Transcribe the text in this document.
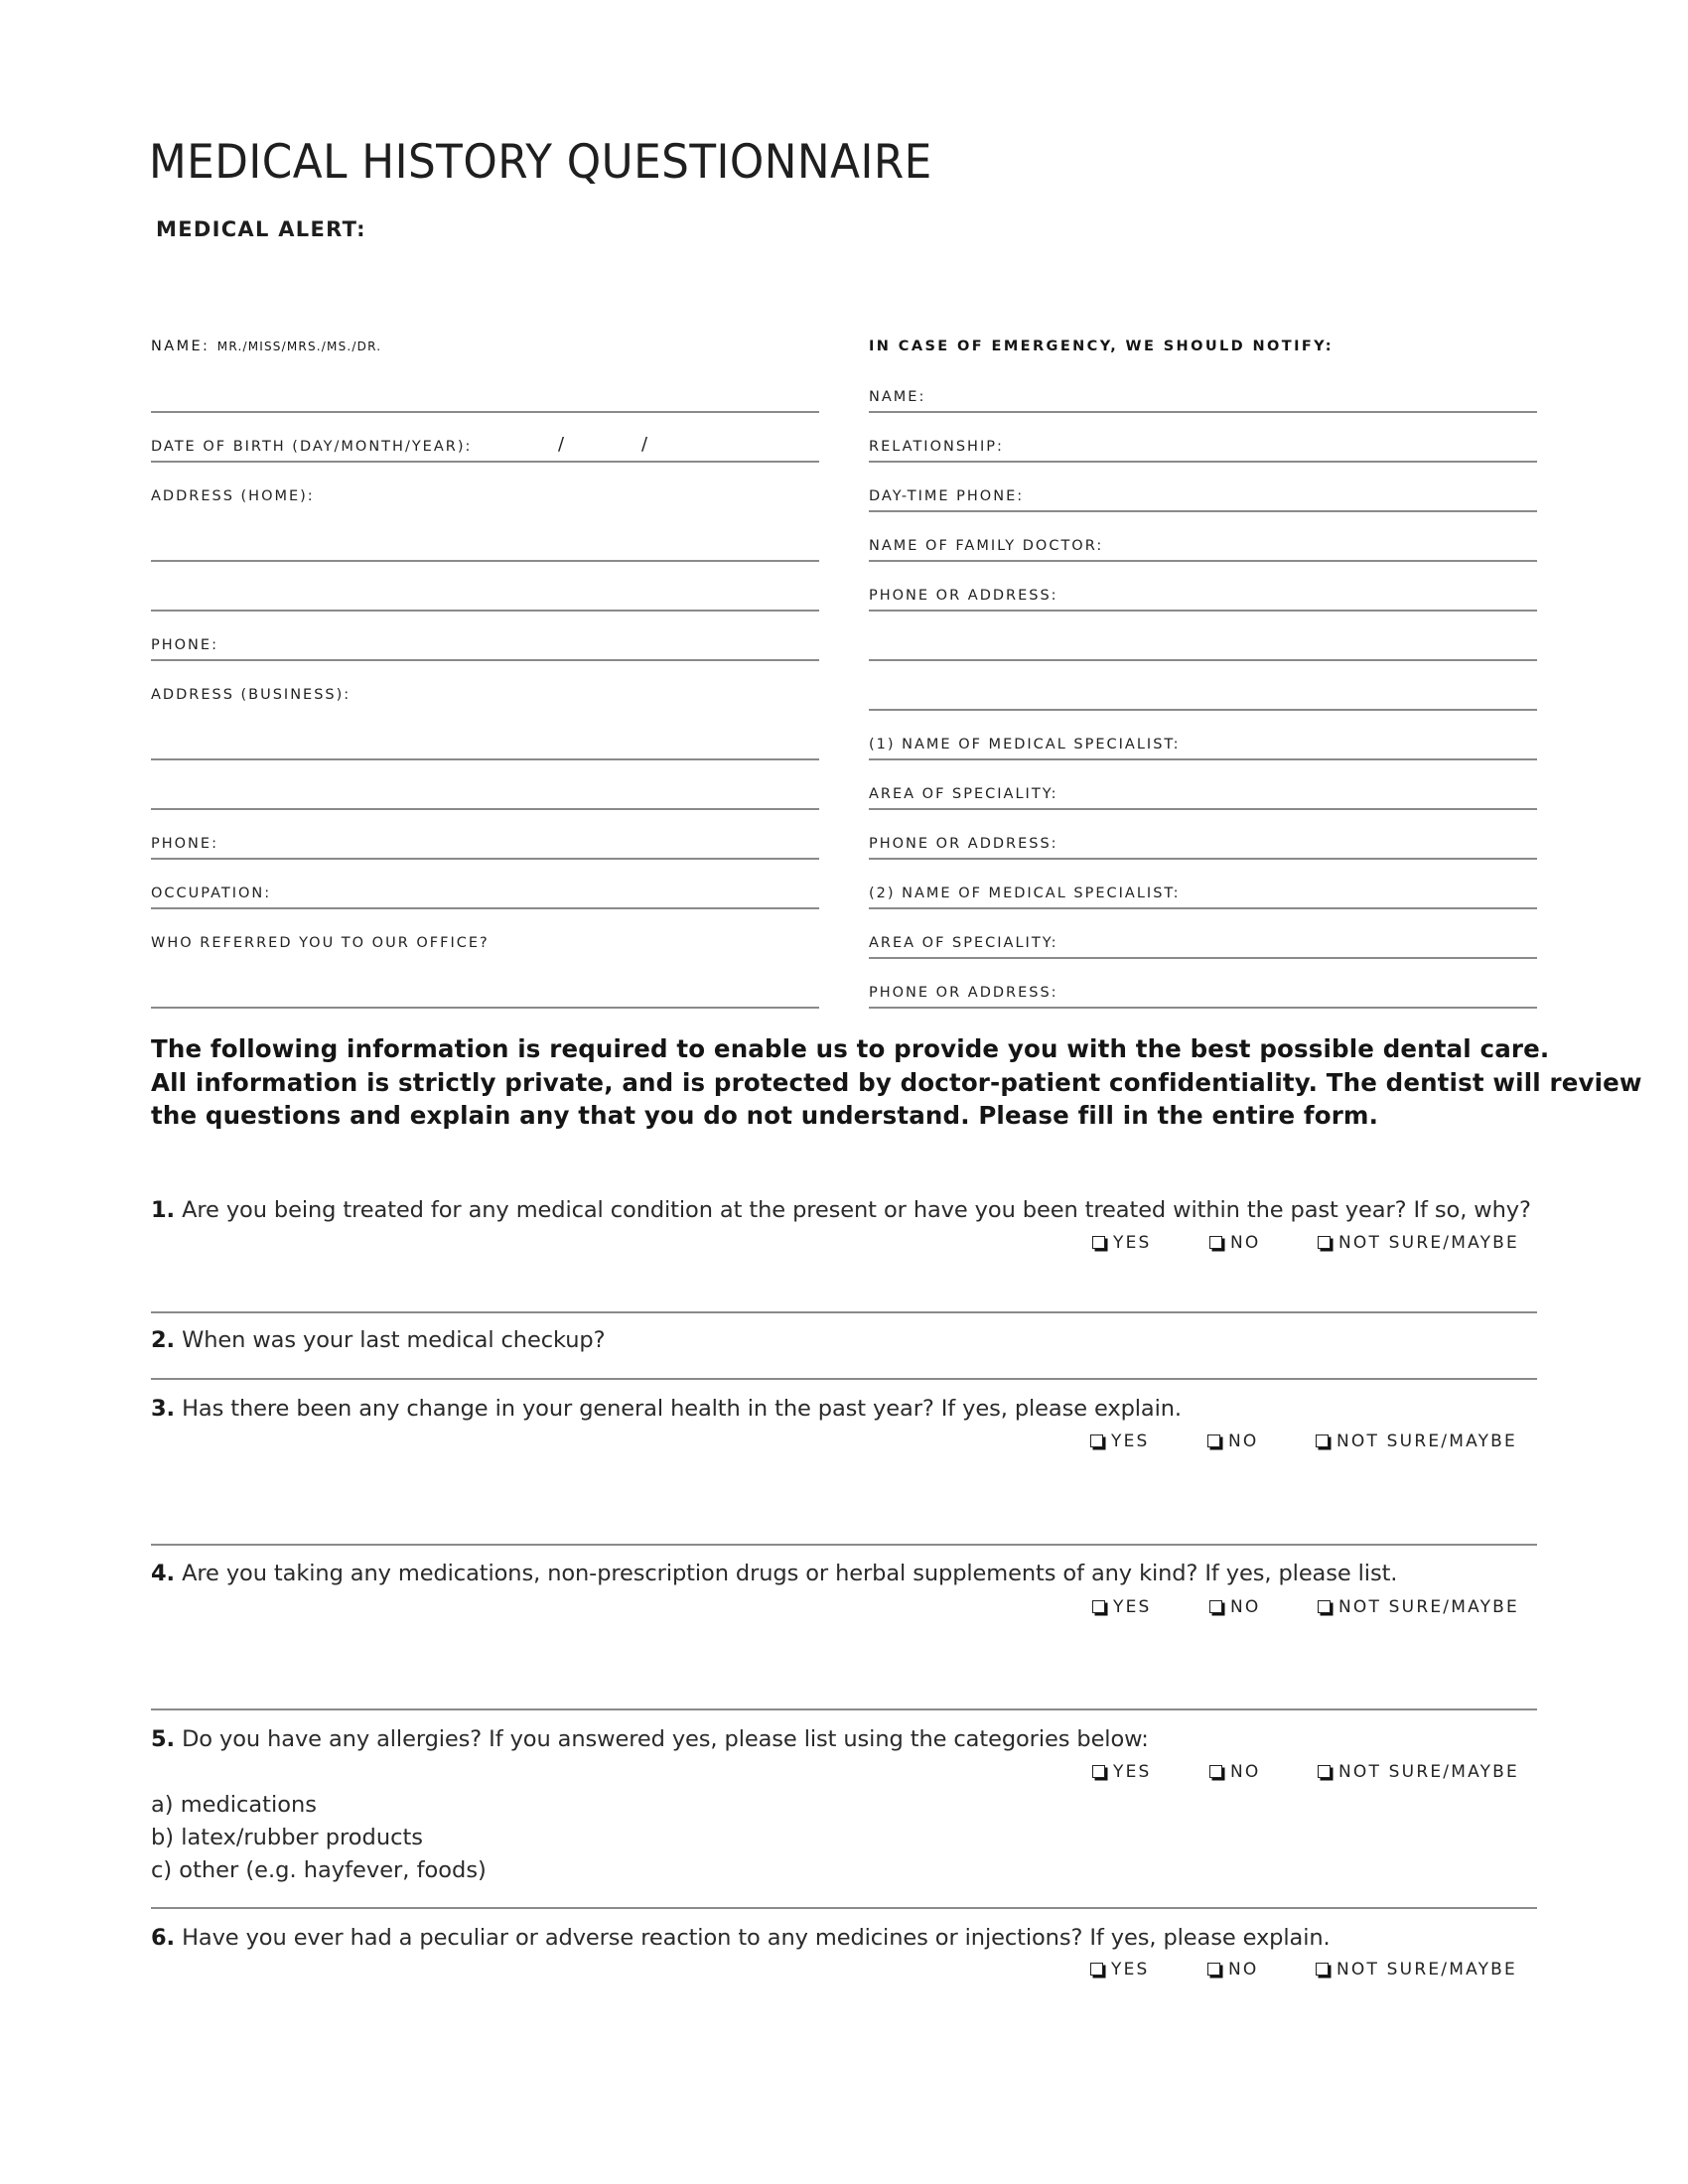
MEDICAL HISTORY QUESTIONNAIRE
MEDICAL ALERT:
NAME: MR./MISS/MRS./MS./DR.
DATE OF BIRTH (DAY/MONTH/YEAR):	/	/
ADDRESS (HOME):
PHONE:
ADDRESS (BUSINESS):
PHONE:
OCCUPATION:
WHO REFERRED YOU TO OUR OFFICE?
IN CASE OF EMERGENCY, WE SHOULD NOTIFY:
NAME:
RELATIONSHIP:
DAY-TIME PHONE:
NAME OF FAMILY DOCTOR:
PHONE OR ADDRESS:
(1) NAME OF MEDICAL SPECIALIST:
AREA OF SPECIALITY:
PHONE OR ADDRESS:
(2) NAME OF MEDICAL SPECIALIST:
AREA OF SPECIALITY:
PHONE OR ADDRESS:
The following information is required to enable us to provide you with the best possible dental care.
All information is strictly private, and is protected by doctor-patient confidentiality. The dentist will review
the questions and explain any that you do not understand. Please fill in the entire form.
1. Are you being treated for any medical condition at the present or have you been treated within the past year? If so, why?
YES	NO	NOT SURE/MAYBE
2. When was your last medical checkup?
3. Has there been any change in your general health in the past year? If yes, please explain.
YES	NO	NOT SURE/MAYBE
4. Are you taking any medications, non-prescription drugs or herbal supplements of any kind? If yes, please list.
YES	NO	NOT SURE/MAYBE
5. Do you have any allergies? If you answered yes, please list using the categories below:
YES	NO	NOT SURE/MAYBE
a) medications
b) latex/rubber products
c) other (e.g. hayfever, foods)
6. Have you ever had a peculiar or adverse reaction to any medicines or injections? If yes, please explain.
YES	NO	NOT SURE/MAYBE
